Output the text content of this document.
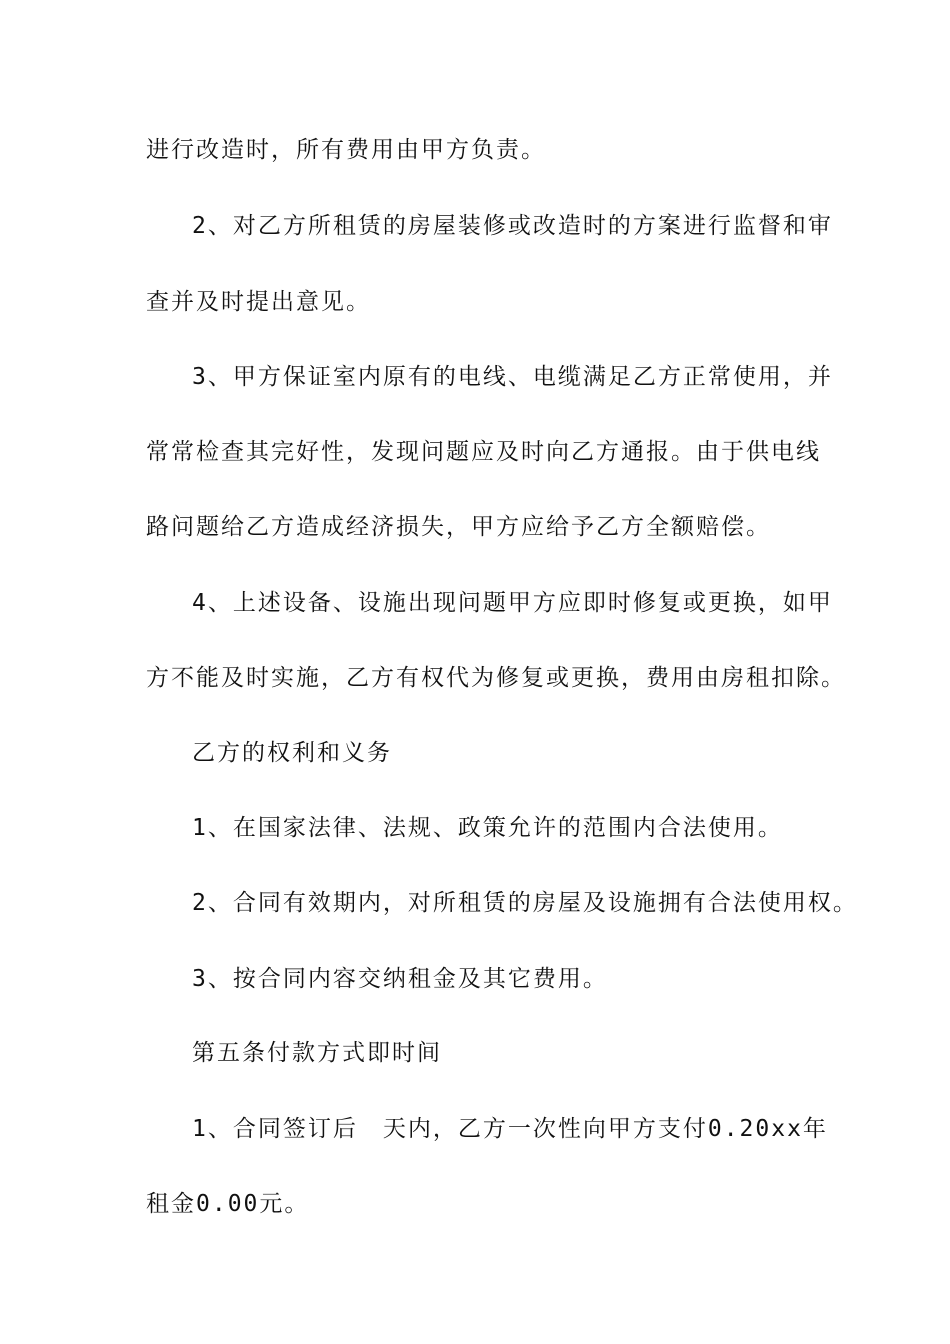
进行改造时，所有费用由甲方负责。
2、对乙方所租赁的房屋装修或改造时的方案进行监督和审
查并及时提出意见。
3、甲方保证室内原有的电线、电缆满足乙方正常使用，并
常常检查其完好性，发现问题应及时向乙方通报。由于供电线
路问题给乙方造成经济损失，甲方应给予乙方全额赔偿。
4、上述设备、设施出现问题甲方应即时修复或更换，如甲
方不能及时实施，乙方有权代为修复或更换，费用由房租扣除。
乙方的权利和义务
1、在国家法律、法规、政策允许的范围内合法使用。
2、合同有效期内，对所租赁的房屋及设施拥有合法使用权。
3、按合同内容交纳租金及其它费用。
第五条付款方式即时间
1、合同签订后　天内，乙方一次性向甲方支付0.20xx年
租金0.00元。
